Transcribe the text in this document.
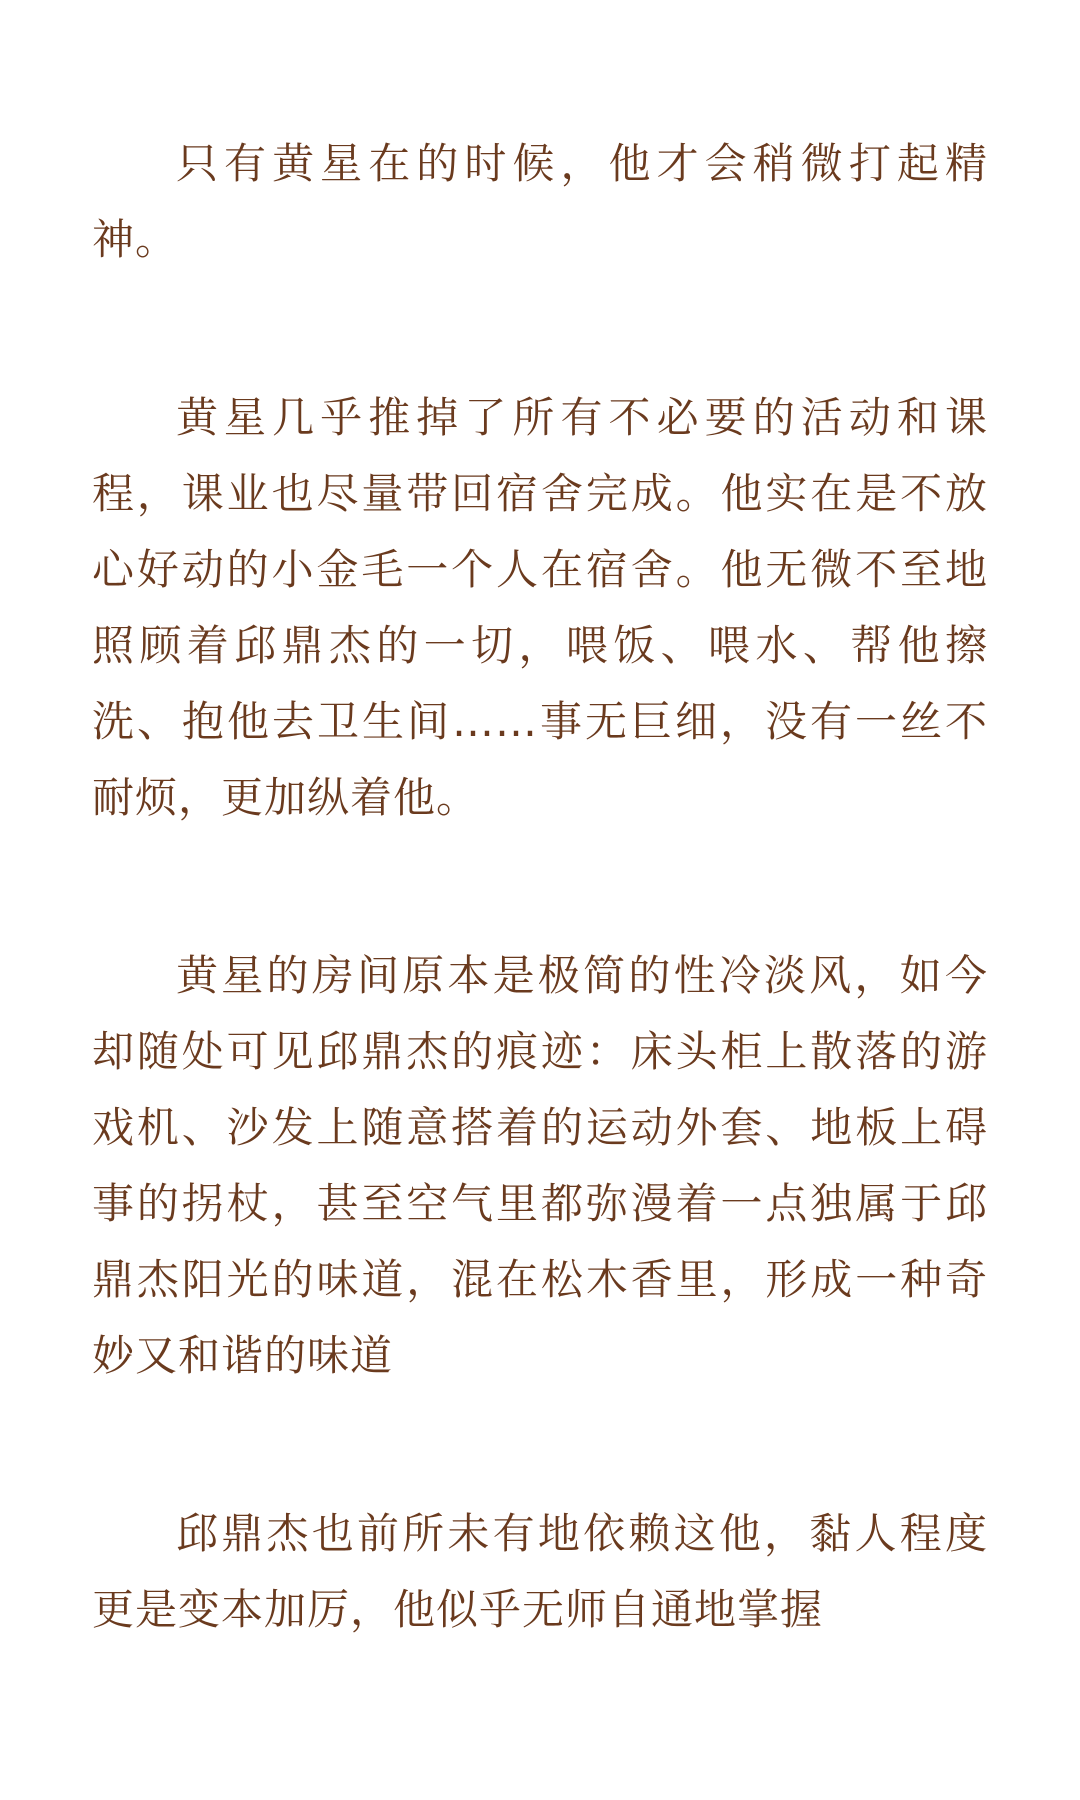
只有黄星在的时候，他才会稍微打起精神。

黄星几乎推掉了所有不必要的活动和课程，课业也尽量带回宿舍完成。他实在是不放心好动的小金毛一个人在宿舍。他无微不至地照顾着邱鼎杰的一切，喂饭、喂水、帮他擦洗、抱他去卫生间……事无巨细，没有一丝不耐烦，更加纵着他。

黄星的房间原本是极简的性冷淡风，如今却随处可见邱鼎杰的痕迹：床头柜上散落的游戏机、沙发上随意搭着的运动外套、地板上碍事的拐杖，甚至空气里都弥漫着一点独属于邱鼎杰阳光的味道，混在松木香里，形成一种奇妙又和谐的味道

邱鼎杰也前所未有地依赖这他，黏人程度更是变本加厉，他似乎无师自通地掌握
